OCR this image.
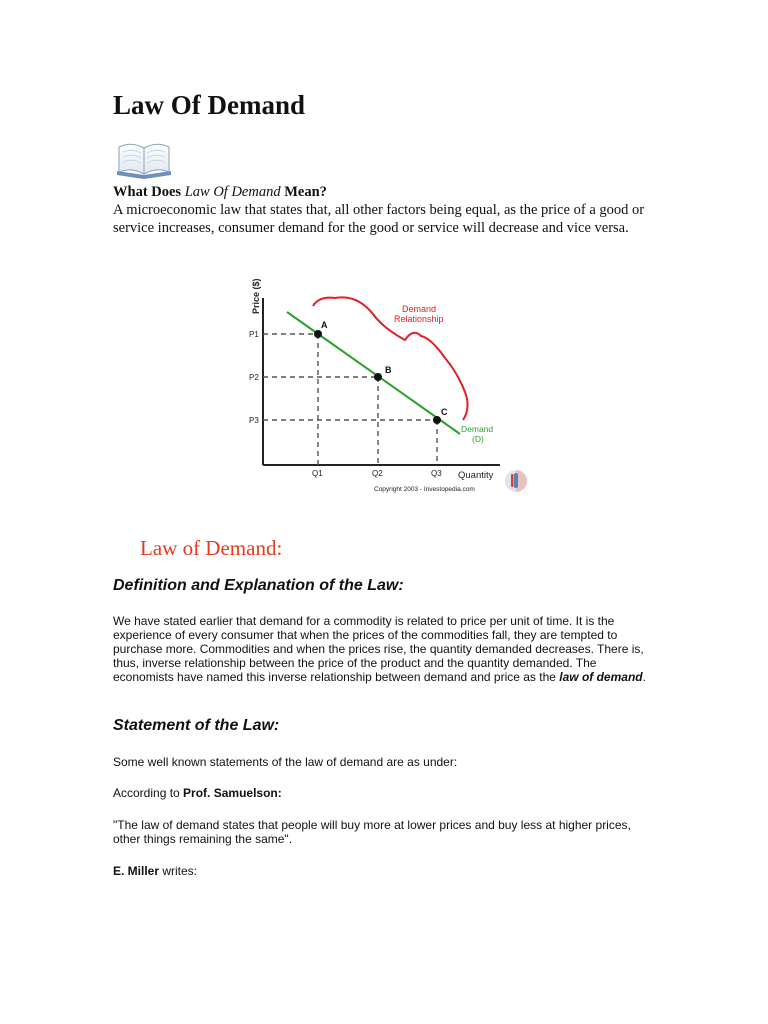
Law Of Demand
What Does Law Of Demand Mean?
A microeconomic law that states that, all other factors being equal, as the price of a good or service increases, consumer demand for the good or service will decrease and vice versa.
Price ($)
Quantity
A
B
C
P1
P2
P3
Q1	Q2	Q3
Demand
Relationship
Demand
(D)
Copyright 2003 - Investopedia.com
Law of Demand:
Definition and Explanation of the Law:
We have stated earlier that demand for a commodity is related to price per unit of time. It is the experience of every consumer that when the prices of the commodities fall, they are tempted to purchase more. Commodities and when the prices rise, the quantity demanded decreases. There is, thus, inverse relationship between the price of the product and the quantity demanded. The economists have named this inverse relationship between demand and price as the law of demand.
Statement of the Law:
Some well known statements of the law of demand are as under:
According to Prof. Samuelson:
"The law of demand states that people will buy more at lower prices and buy less at higher prices, other things remaining the same".
E. Miller writes:
